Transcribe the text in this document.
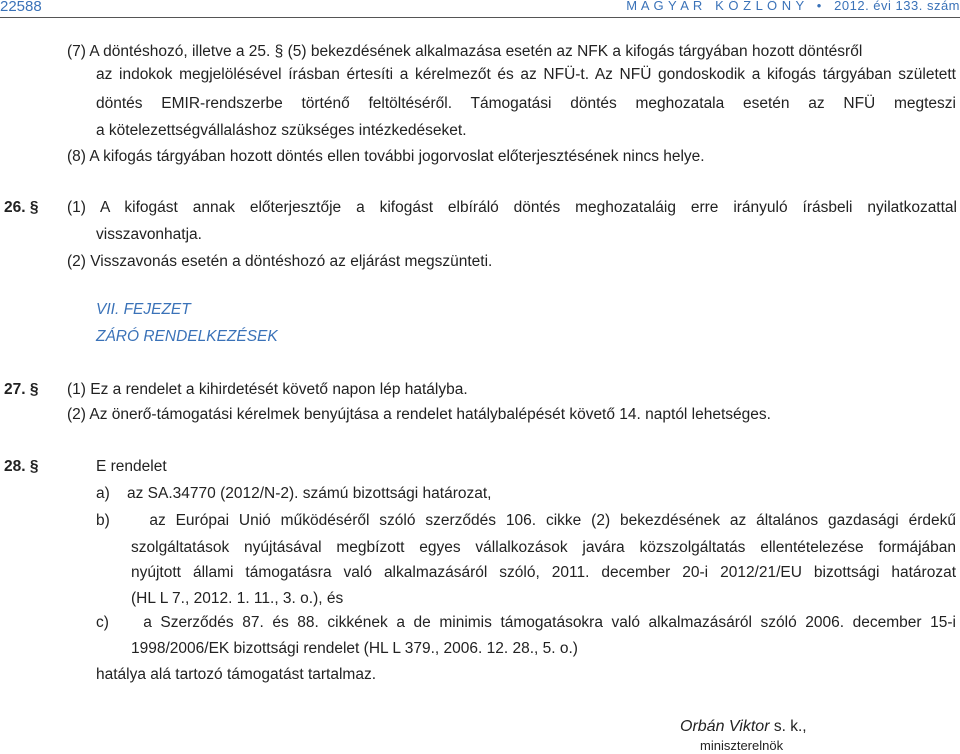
22588	M A G Y A R   K Ö Z L Ö N Y   •   2012. évi 133. szám
(7) A döntéshozó, illetve a 25. § (5) bekezdésének alkalmazása esetén az NFK a kifogás tárgyában hozott döntésről
az indokok megjelölésével írásban értesíti a kérelmezőt és az NFÜ-t. Az NFÜ gondoskodik a kifogás tárgyában született
döntés EMIR-rendszerbe történő feltöltéséről. Támogatási döntés meghozatala esetén az NFÜ megteszi
a kötelezettségvállaláshoz szükséges intézkedéseket.
(8) A kifogás tárgyában hozott döntés ellen további jogorvoslat előterjesztésének nincs helye.
26. § (1) A kifogást annak előterjesztője a kifogást elbíráló döntés meghozataláig erre irányuló írásbeli nyilatkozattal
visszavonhatja.
(2) Visszavonás esetén a döntéshozó az eljárást megszünteti.
VII. FEJEZET
ZÁRÓ RENDELKEZÉSEK
27. § (1) Ez a rendelet a kihirdetését követő napon lép hatályba.
(2) Az önerő-támogatási kérelmek benyújtása a rendelet hatálybalépését követő 14. naptól lehetséges.
28. §	E rendelet
a)    az SA.34770 (2012/N-2). számú bizottsági határozat,
b)    az Európai Unió működéséről szóló szerződés 106. cikke (2) bekezdésének az általános gazdasági érdekű
szolgáltatások nyújtásával megbízott egyes vállalkozások javára közszolgáltatás ellentételezése formájában
nyújtott állami támogatásra való alkalmazásáról szóló, 2011. december 20-i 2012/21/EU bizottsági határozat
(HL L 7., 2012. 1. 11., 3. o.), és
c)    a Szerződés 87. és 88. cikkének a de minimis támogatásokra való alkalmazásáról szóló 2006. december 15-i
1998/2006/EK bizottsági rendelet (HL L 379., 2006. 12. 28., 5. o.)
hatálya alá tartozó támogatást tartalmaz.
Orbán Viktor s. k.,
miniszterelnök
